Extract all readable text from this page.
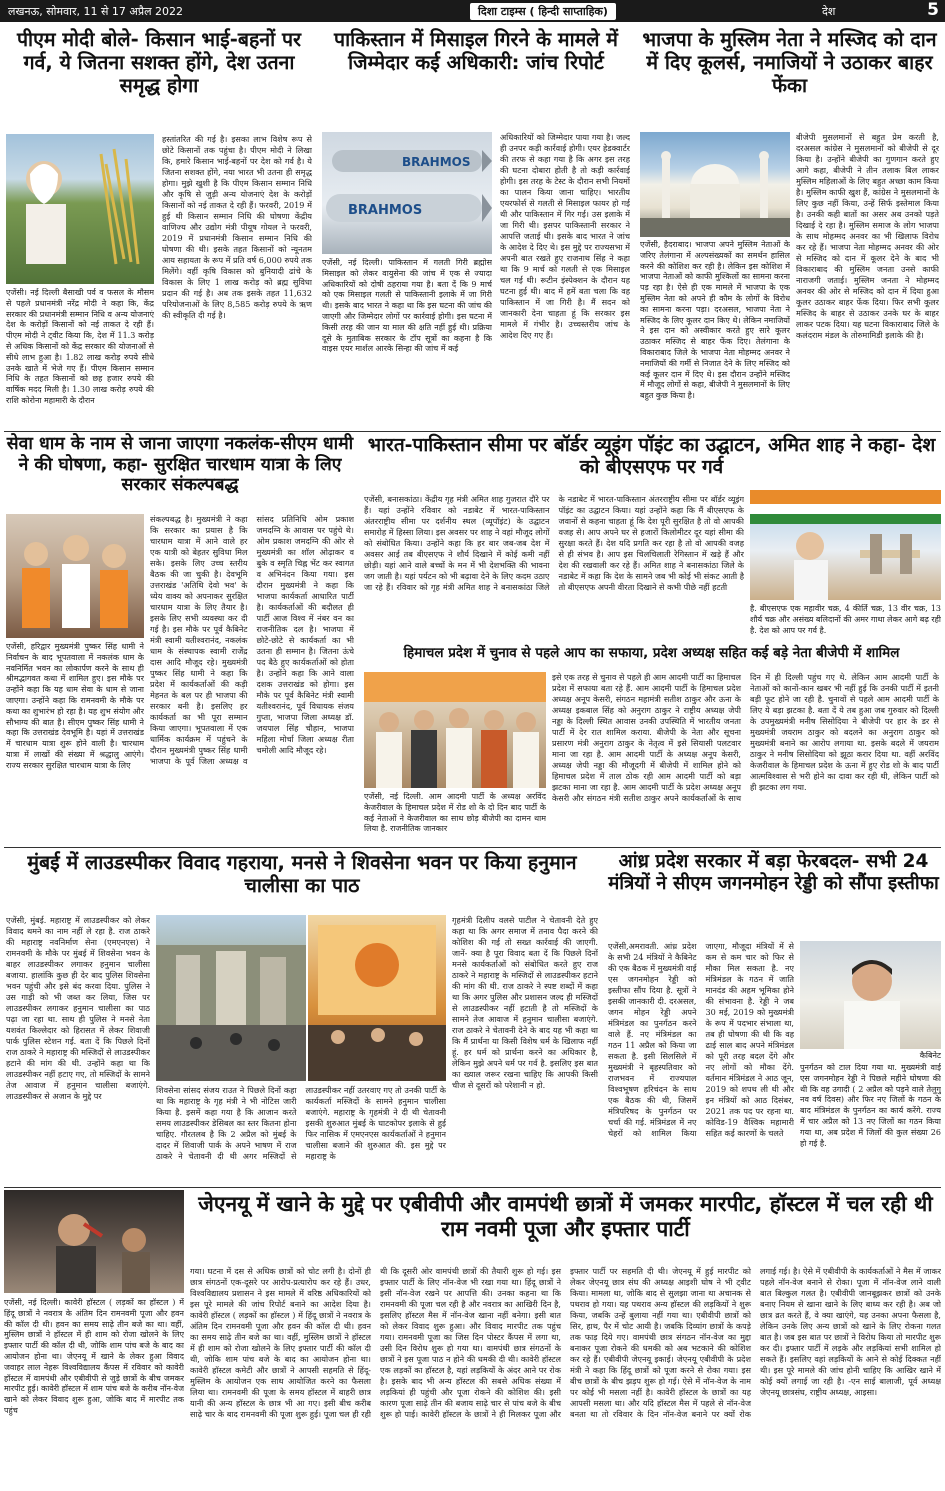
लखनऊ, सोमवार, 11 से 17 अप्रैल 2022	दिशा टाइम्स ( हिन्दी साप्ताहिक)	देश	5
पीएम मोदी बोले- किसान भाई-बहनों पर गर्व, ये जितना सशक्त होंगे, देश उतना समृद्ध होगा

एजेंसी। नई दिल्ली बैसाखी पर्व व फसल के मौसम से पहले प्रधानमंत्री नरेंद्र मोदी ने कहा कि, केंद्र सरकार की प्रधानमंत्री सम्मान निधि व अन्य योजनाएं देश के करोड़ों किसानों को नई ताकत दे रही हैं। पीएम मोदी ने ट्वीट किया कि, देश में 11.3 करोड़ से अधिक किसानों को केंद्र सरकार की योजनाओं से सीधे लाभ हुआ है। 1.82 लाख करोड़ रुपये सीधे उनके खाते में भेजे गए हैं। पीएम किसान सम्मान निधि के तहत किसानों को छह हजार रुपये की वार्षिक मदद मिली है। 1.30 लाख करोड़ रुपये की राशि कोरोना महामारी के दौरान

हस्तांतरित की गई है। इसका लाभ विशेष रूप से छोटे किसानों तक पहुंचा है। पीएम मोदी ने लिखा कि, हमारे किसान भाई-बहनों पर देश को गर्व है। ये जितना सशक्त होंगे, नया भारत भी उतना ही समृद्ध होगा। मुझे खुशी है कि पीएम किसान सम्मान निधि और कृषि से जुड़ी अन्य योजनाएं देश के करोड़ों किसानों को नई ताकत दे रही हैं। फरवरी, 2019 में हुई थी किसान सम्मान निधि की घोषणा केंद्रीय वाणिज्य और उद्योग मंत्री पीयूष गोयल ने फरवरी, 2019 में प्रधानमंत्री किसान सम्मान निधि की घोषणा की थी। इसके तहत किसानों को न्यूनतम आय सहायता के रूप में प्रति वर्ष 6,000 रुपये तक मिलेंगे। वहीं कृषि विकास को बुनियादी ढांचे के विकास के लिए 1 लाख करोड़ को ब्रह्म सुविधा प्रदान की गई है। अब तक इसके तहत 11,632 परियोजनाओं के लिए 8,585 करोड़ रुपये के ऋण की स्वीकृति दी गई है।
पाकिस्तान में मिसाइल गिरने के मामले में जिम्मेदार कई अधिकारी: जांच रिपोर्ट
BRAHMOS
BRAHMOS

एजेंसी, नई दिल्ली। पाकिस्तान में गलती गिरी ब्रह्मोस मिसाइल को लेकर वायुसेना की जांच में एक से ज्यादा अधिकारियों को दोषी ठहराया गया है। बता दें कि 9 मार्च को एक मिसाइल गलती से पाकिस्तानी इलाके में जा गिरी थी। इसके बाद भारत ने कहा था कि इस घटना की जांच की जाएगी और जिम्मेदार लोगों पर कार्रवाई होगी। इस घटना में किसी तरह की जान या माल की क्षति नहीं हुई थी। प्रक्रिया दूसे के मुताबिक सरकार के टॉप सूत्रों का कहना है कि वाइस एयर मार्शल आरके सिन्हा की जांच में कई

अधिकारियों को जिम्मेदार पाया गया है। जल्द ही उनपर कड़ी कार्रवाई होगी। एयर हेडक्वार्टर की तरफ से कहा गया है कि अगर इस तरह की घटना दोबारा होती है तो कड़ी कार्रवाई होगी। इस तरह के टेस्ट के दौरान सभी नियमों का पालन किया जाना चाहिए। भारतीय एयरफोर्स से गलती से मिसाइल फायर हो गई थी और पाकिस्तान में गिर गई। उस इलाके में जा गिरी थी। इसपर पाकिस्तानी सरकार ने आपत्ति जताई थी। इसके बाद भारत ने जांच के आदेश दे दिए थे। इस मुद्दे पर राज्यसभा में अपनी बात रखते हुए राजनाथ सिंह ने कहा था कि 9 मार्च को गलती से एक मिसाइल चल गई थी। रूटीन इंस्पेक्शन के दौरान यह घटना हुई थी। बाद में हमें बता चला कि वह पाकिस्तान में जा गिरी है। मैं सदन को जानकारी देना चाहता हूं कि सरकार इस मामले में गंभीर है। उच्चस्तरीय जांच के आदेश दिए गए हैं।
भाजपा के मुस्लिम नेता ने मस्जिद को दान में दिए कूलर्स, नमाजियों ने उठाकर बाहर फेंका

एजेंसी, हैदराबाद। भाजपा अपने मुस्लिम नेताओं के जरिए तेलंगाना में अल्पसंख्यकों का समर्थन हासिल करने की कोशिश कर रही है। लेकिन इस कोशिश में भाजपा नेताओं को काफी मुश्किलों का सामना करना पड़ रहा है। ऐसे ही एक मामले में भाजपा के एक मुस्लिम नेता को अपने ही कौम के लोगों के विरोध का सामना करना पड़ा। दरअसल, भाजपा नेता ने मस्जिद के लिए कूलर दान किए थे। लेकिन नमाजियों ने इस दान को अस्वीकार करते हुए सारे कूलर उठाकर मस्जिद से बाहर फेंक दिए। तेलंगाना के विकाराबाद जिले के भाजपा नेता मोहम्मद अनवर ने नमाजियों की गर्मी से निजात देने के लिए मस्जिद को कई कूलर दान में दिए थे। इस दौरान उन्होंने मस्जिद में मौजूद लोगों से कहा, बीजेपी ने मुसलमानों के लिए बहुत कुछ किया है।

बीजेपी मुसलमानों से बहुत प्रेम करती है, दरअसल कांग्रेस ने मुसलमानों को बीजेपी से दूर किया है। उन्होंने बीजेपी का गुणगान करते हुए आगे कहा, बीजेपी ने तीन तलाक बिल लाकर मुस्लिम महिलाओं के लिए बहुत अच्छा काम किया है। मुस्लिम काफी खुश हैं, कांग्रेस ने मुसलमानों के लिए कुछ नहीं किया, उन्हें सिर्फ इस्तेमाल किया है। उनकी कही बातों का असर अब उनको पड़ते दिखाई दे रहा है। मुस्लिम समाज के लोग भाजपा के साथ मोहम्मद अनवर का भी खिलाफ विरोध कर रहे हैं। भाजपा नेता मोहम्मद अनवर की ओर से मस्जिद को दान में कूलर देने के बाद भी विकाराबाद की मुस्लिम जनता उनसे काफी नाराजगी जताई। मुस्लिम जनता ने मोहम्मद अनवर की ओर से मस्जिद को दान में दिया हुआ कूलर उठाकर बाहर फेंक दिया। फिर सभी कूलर मस्जिद के बाहर से उठाकर उनके घर के बाहर लाकर पटक दिया। यह घटना विकाराबाद जिले के कलंदराम मंडल के तोरुमामिडी इलाके की है।
सेवा धाम के नाम से जाना जाएगा नकलंक-सीएम धामी ने की घोषणा, कहा- सुरक्षित चारधाम यात्रा के लिए सरकार संकल्पबद्ध

एजेंसी, हरिद्वार मुख्यमंत्री पुष्कर सिंह धामी ने निर्वाचन के बाद भूपतवाला में नकलंक धाम के नवनिर्मित भवन का लोकार्पण करने के साथ ही श्रीमद्भागवत कथा में शामिल हुए। इस मौके पर उन्होंने कहा कि यह धाम सेवा के धाम से जाना जाएगा। उन्होंने कहा कि रामनवमी के मौके पर कथा का शुभारंभ हो रहा है। यह शुभ संयोग और सौभाग्य की बात है। सीएम पुष्कर सिंह धामी ने कहा कि उत्तराखंड देवभूमि है। यहां में उत्तराखंड में चारधाम यात्रा शुरू होने वाली है। चारधाम यात्रा में लाखों की संख्या में श्रद्धालु आएंगे। राज्य सरकार सुरक्षित चारधाम यात्रा के लिए

संकल्पबद्ध है। मुख्यमंत्री ने कहा कि सरकार का प्रयास है कि चारधाम यात्रा में आने वाले हर एक यात्री को बेहतर सुविधा मिल सके। इसके लिए उच्च स्तरीय बैठक की जा चुकी है। देवभूमि उत्तराखंड 'अतिथि देवो भव' के ध्येय वाक्य को अपनाकर सुरक्षित चारधाम यात्रा के लिए तैयार है। इसके लिए सभी व्यवस्था कर दी गई है। इस मौके पर पूर्व कैबिनेट मंत्री स्वामी यतीश्वरानंद, नकलंक धाम के संस्थापक स्वामी राजेंद्र दास आदि मौजूद रहे। मुख्यमंत्री पुष्कर सिंह धामी ने कहा कि प्रदेश में कार्यकर्ताओं की कड़ी मेहनत के बल पर ही भाजपा की सरकार बनी है। इसलिए हर कार्यकर्ता का भी पूरा सम्मान किया जाएगा। भूपतवाला में एक धार्मिक कार्यक्रम में पहुंचने के दौरान मुख्यमंत्री पुष्कर सिंह धामी भाजपा के पूर्व जिला अध्यक्ष व सांसद प्रतिनिधि ओम प्रकाश जमदग्नि के आवास पर पहुंचे थे। ओम प्रकाश जमदग्नि की ओर से मुख्यमंत्री का शॉल ओढ़ाकर व बुके व स्मृति चिह्न भेंट कर स्वागत व अभिनंदन किया गया। इस दौरान मुख्यमंत्री ने कहा कि भाजपा कार्यकर्ता आधारित पार्टी है। कार्यकर्ताओं की बदौलत ही पार्टी आज विश्व में नंबर वन का राजनीतिक दल है। भाजपा में छोटे-छोटे से कार्यकर्ता का भी उतना ही सम्मान है। जितना ऊंचे पद बैठे हुए कार्यकर्ताओं को होता है। उन्होंने कहा कि आने वाला दशक उत्तराखंड को होगा। इस मौके पर पूर्व कैबिनेट मंत्री स्वामी यतीश्वरानंद, पूर्व विधायक संजय गुप्ता, भाजपा जिला अध्यक्ष डॉ. जयपाल सिंह चौहान, भाजपा महिला मोर्चा जिला अध्यक्ष रीता चमोली आदि मौजूद रहे।
भारत-पाकिस्तान सीमा पर बॉर्डर व्यूइंग पॉइंट का उद्घाटन, अमित शाह ने कहा- देश को बीएसएफ पर गर्व
एजेंसी, बनासकांठा। केंद्रीय गृह मंत्री अमित शाह गुजरात दौरे पर हैं। यहां उन्होंने रविवार को नडाबेट में भारत-पाकिस्तान अंतरराष्ट्रीय सीमा पर दर्शनीय स्थल (व्यूपॉइंट) के उद्घाटन समारोह में हिस्सा लिया। इस अवसर पर शाह ने वहां मौजूद लोगों को संबोधित किया। उन्होंने कहा कि हर बार जब-जब देश में अवसर आई तब बीएसएफ ने शौर्य दिखाने में कोई कमी नहीं छोड़ी। यहां आने वाले बच्चों के मन में भी देशभक्ति की भावना जग जाती है। यहां पर्यटन को भी बढ़ावा देने के लिए कदम उठाए जा रहे हैं। रविवार को गृह मंत्री अमित शाह ने बनासकांठा जिले के नडाबेट में भारत-पाकिस्तान अंतरराष्ट्रीय सीमा पर बॉर्डर व्यूइंग पॉइंट का उद्घाटन किया। यहां उन्होंने कहा कि मैं बीएसएफ के जवानों से कहना चाहता हूं कि देश पूरी सुरक्षित है तो वो आपकी वजह से। आप अपने घर से हजारों किलोमीटर दूर यहां सीमा की सुरक्षा करते हैं। देश यदि प्रगति कर रहा है तो वो आपकी वजह से ही संभव है। आप इस चिलचिलाती रेगिस्तान में खड़े हैं और देश की रखवाली कर रहे हैं। अमित शाह ने बनासकांठा जिले के नडाबेट में कहा कि देश के सामने जब भी कोई भी संकट आती है तो बीएसएफ अपनी वीरता दिखाने से कभी पीछे नहीं हटती

है. बीएसएफ एक महावीर चक्र, 4 कीर्ति चक्र, 13 वीर चक्र, 13 शौर्य चक्र और असंख्य बलिदानों की अमर गाथा लेकर आगे बढ़ रही है. देश को आप पर गर्व है.

हिमाचल प्रदेश में चुनाव से पहले आप का सफाया, प्रदेश अध्यक्ष सहित कई बड़े नेता बीजेपी में शामिल

एजेंसी, नई दिल्ली. आम आदमी पार्टी के अध्यक्ष अरविंद केजरीवाल के हिमाचल प्रदेश में रोड शो के दो दिन बाद पार्टी के कई नेताओं ने केजरीवाल का साथ छोड़ बीजेपी का दामन थाम लिया है. राजनीतिक जानकार

इसे एक तरह से चुनाव से पहले ही आम आदमी पार्टी का हिमाचल प्रदेश में सफाया बता रहे हैं. आम आदमी पार्टी के हिमाचल प्रदेश अध्यक्ष अनूप केसरी, संगठन महामंत्री सतीश ठाकुर और ऊना के अध्यक्ष इकबाल सिंह को अनुराग ठाकुर ने राष्ट्रीय अध्यक्ष जेपी नड्डा के दिल्ली स्थित आवास उनकी उपस्थिति में भारतीय जनता पार्टी में देर रात शामिल कराया. बीजेपी के नेता और सूचना प्रसारण मंत्री अनुराग ठाकुर के नेतृत्व में इसे सियासी पलटवार माना जा रहा है. आम आदमी पार्टी के अध्यक्ष अनूप केसरी, अध्यक्ष जेपी नड्डा की मौजूदगी में बीजेपी में शामिल होने को हिमाचल प्रदेश में ताल ठोक रही आम आदमी पार्टी को बड़ा झटका माना जा रहा है. आम आदमी पार्टी के प्रदेश अध्यक्ष अनूप केसरी और संगठन मंत्री सतीश ठाकुर अपने कार्यकर्ताओं के साथ दिन में ही दिल्ली पहुंच गए थे. लेकिन आम आदमी पार्टी के नेताओं को कानों-कान खबर भी नहीं हुई कि उनकी पार्टी में इतनी बड़ी फूट होने जा रही है. चुनावों से पहले आम आदमी पार्टी के लिए ये बड़ा झटका है. बता दें ये तब हुआ जब गुरुवार को दिल्ली के उपमुख्यमंत्री मनीष सिसोदिया ने बीजेपी पर हार के डर से मुख्यमंत्री जयराम ठाकुर को बदलने का अनुराग ठाकुर को मुख्यमंत्री बनाने का आरोप लगाया था. इसके बदले में जयराम ठाकुर ने मनीष सिसोदिया को झूठा करार दिया था. वहीं अरविंद केजरीवाल के हिमाचल प्रदेश के ऊना में हुए रोड शो के बाद पार्टी आत्मविश्वास से भरी होने का दावा कर रही थी, लेकिन पार्टी को ही झटका लग गया.
मुंबई में लाउडस्पीकर विवाद गहराया, मनसे ने शिवसेना भवन पर किया हनुमान चालीसा का पाठ
एजेंसी, मुंबई. महाराष्ट्र में लाउडस्पीकर को लेकर विवाद थमने का नाम नहीं ले रहा है. राज ठाकरे की महाराष्ट्र नवनिर्माण सेना (एमएनएस) ने रामनवमी के मौके पर मुंबई में शिवसेना भवन के बाहर लाउडस्पीकर लगाकर हनुमान चालीसा बजाया. हालांकि कुछ ही देर बाद पुलिस शिवसेना भवन पहुंची और इसे बंद करवा दिया. पुलिस ने उस गाड़ी को भी जब्त कर लिया, जिस पर लाउडस्पीकर लगाकर हनुमान चालीसा का पाठ पढ़ा जा रहा था. साथ ही पुलिस ने मनसे नेता यशवंत किल्लेदार को हिरासत में लेकर शिवाजी पार्क पुलिस स्टेशन गई. बता दें कि पिछले दिनों राज ठाकरे ने महाराष्ट्र की मस्जिदों से लाउडस्पीकर हटाने की मांग की थी. उन्होंने कहा था कि लाउडस्पीकर नहीं हटाए गए, तो मस्जिदों के सामने तेज आवाज में हनुमान चालीसा बजाएंगे. लाउडस्पीकर से अजान के मुद्दे पर
शिवसेना सांसद संजय राउत ने पिछले दिनों कहा था कि महाराष्ट्र के गृह मंत्री ने भी नोटिस जारी किया है. इसमें कहा गया है कि आजान करते समय लाउडस्पीकर डेसिबल का स्तर कितना होना चाहिए. गौरतलब है कि 2 अप्रैल को मुंबई के दादर में शिवाजी पार्क के अपने भाषण में राज ठाकरे ने चेतावनी दी थी अगर मस्जिदों से लाउडस्पीकर नहीं उतरवाए गए तो उनकी पार्टी के कार्यकर्ता मस्जिदों के सामने हनुमान चालीसा बजाएंगे. महाराष्ट्र के गृहमंत्री ने दी थी चेतावनी इसकी शुरुआत मुंबई के घाटकोपर इलाके से हुई फिर नासिक में एमएनएस कार्यकर्ताओं ने हनुमान चालीसा बजाने की शुरुआत की. इस मुद्दे पर महाराष्ट्र के
गृहमंत्री दिलीप वलसे पाटील ने चेतावनी देते हुए कहा था कि अगर समाज में तनाव पैदा करने की कोशिश की गई तो सख्त कार्रवाई की जाएगी. जानें- क्या है पूरा विवाद बता दें कि पिछले दिनों मनसे कार्यकर्ताओं को संबोधित करते हुए राज ठाकरे ने महाराष्ट्र के मस्जिदों से लाउडस्पीकर हटाने की मांग की थी. राज ठाकरे ने स्पष्ट शब्दों में कहा था कि अगर पुलिस और प्रशासन जल्द ही मस्जिदों से लाउडस्पीकर नहीं हटाती है तो मस्जिदों के सामने तेज आवाज में हनुमान चालीसा बजाएंगे. राज ठाकरे ने चेतावनी देने के बाद यह भी कहा था कि मैं प्रार्थना या किसी विशेष धर्म के खिलाफ नहीं हूं. हर धर्म को प्रार्थना करने का अधिकार है, लेकिन मुझे अपने धर्म पर गर्व है. इसलिए इस बात का ख्याल जरूर रखना चाहिए कि आपकी किसी चीज से दूसरों को परेशानी न हो.
आंध्र प्रदेश सरकार में बड़ा फेरबदल- सभी 24 मंत्रियों ने सीएम जगनमोहन रेड्डी को सौंपा इस्तीफा
एजेंसी,अमरावती. आंध्र प्रदेश के सभी 24 मंत्रियों ने कैबिनेट की एक बैठक में मुख्यमंत्री वाई एस जगनमोहन रेड्डी को इस्तीफा सौंप दिया है. सूत्रों ने इसकी जानकारी दी. दरअसल, जगन मोहन रेड्डी अपने मंत्रिमंडल का पुनर्गठन करने वाले हैं. नए मंत्रिमंडल का गठन 11 अप्रैल को किया जा सकता है. इसी सिलसिले में मुख्यमंत्री ने बृहस्पतिवार को राजभवन में राज्यपाल विश्वभूषण हरिचंदन के साथ एक बैठक की थी, जिसमें मंत्रिपरिषद के पुनर्गठन पर चर्चा की गई. मंत्रिमंडल में नए चेहरों को शामिल किया जाएगा, मौजूदा मंत्रियों में से कम से कम चार को फिर से मौका मिल सकता है. नए मंत्रिमंडल के गठन में जाति मानदंड की अहम भूमिका होने की संभावना है. रेड्डी ने जब 30 मई, 2019 को मुख्यमंत्री के रूप में पदभार संभाला था, तब ही घोषणा की थी कि वह ढाई साल बाद अपने मंत्रिमंडल को पूरी तरह बदल देंगे और नए लोगों को मौका देंगे. वर्तमान मंत्रिमंडल ने आठ जून, 2019 को शपथ ली थी और इन मंत्रियों को आठ दिसंबर, 2021 तक पद पर रहना था. कोविड-19 वैश्विक महामारी सहित कई कारणों के चलते
कैबिनेट

पुनर्गठन को टाल दिया गया था. मुख्यमंत्री वाई एस जगनमोहन रेड्डी ने पिछले महीने घोषणा की थी कि वह उगादी ( 2 अप्रैल को पड़ने वाले तेलुगु नव वर्ष दिवस) और फिर नए जिलों के गठन के बाद मंत्रिमंडल के पुनर्गठन का कार्य करेंगे. राज्य में चार अप्रैल को 13 नए जिलों का गठन किया गया था, अब प्रदेश में जिलों की कुल संख्या 26 हो गई है.

जेएनयू में खाने के मुद्दे पर एबीवीपी और वामपंथी छात्रों में जमकर मारपीट, हॉस्टल में चल रही थी राम नवमी पूजा और इफ्तार पार्टी

एजेंसी, नई दिल्ली। कावेरी हॉस्टल ( लड़कों का हॉस्टल ) में हिंदू छात्रों ने नवरात्र के अंतिम दिन रामनवमी पूजा और हवन की कॉल दी थी। हवन का समय साढ़े तीन बजे का था। वहीं, मुस्लिम छात्रों ने हॉस्टल में ही शाम को रोजा खोलने के लिए इफ्तार पार्टी की कॉल दी थी, जोकि शाम पांच बजे के बाद का आयोजन होना था। जेएनयू में खाने के लेकर हुआ विवाद जवाहर लाल नेहरू विश्वविद्यालय कैंपस में रविवार को कावेरी हॉस्टल में वामपंथी और एबीवीपी से जुड़े छात्रों के बीच जमकर मारपीट हुई। कावेरी हॉस्टल में शाम पांच बजे के करीब नॉन-वेज खाने को लेकर विवाद शुरू हुआ, जोकि बाद में मारपीट तक पहुंच

गया। घटना में दस से अधिक छात्रों को चोट लगी है। दोनों ही छात्र संगठनों एक-दूसरे पर आरोप-प्रत्यारोप कर रहे हैं। उधर, विश्वविद्यालय प्रशासन ने इस मामले में वरिष्ठ अधिकारियों को इस पूरे मामले की जांच रिपोर्ट बनाने का आदेश दिया है। कावेरी हॉस्टल ( लड़कों का हॉस्टल ) में हिंदू छात्रों ने नवरात्र के अंतिम दिन रामनवमी पूजा और हवन की कॉल दी थी। हवन का समय साढ़े तीन बजे का था। वहीं, मुस्लिम छात्रों ने हॉस्टल में ही शाम को रोजा खोलने के लिए इफ्तार पार्टी की कॉल दी थी, जोकि शाम पांच बजे के बाद का आयोजन होना था। कावेरी हॉस्टल कमेटी और छात्रों ने आपसी सहमति से हिंदू-मुस्लिम के आयोजन एक साथ आयोजित करने का फैसला लिया था। रामनवमी की पूजा के समय हॉस्टल में बाहरी छात्र यानी की अन्य हॉस्टल के छात्र भी आ गए। इसी बीच करीब साढ़े चार के बाद रामनवमी की पूजा शुरू हुई। पूजा चल ही रही थी कि दूसरी ओर वामपंथी छात्रों की तैयारी शुरू हो गई। इस इफ्तार पार्टी के लिए नॉन-वेज भी रखा गया था। हिंदू छात्रों ने इसी नॉन-वेज रखने पर आपत्ति की। उनका कहना था कि रामनवमी की पूजा चल रही है और नवरात्र का आखिरी दिन है, इसलिए हॉस्टल मैस में नॉन-वेज खाना नहीं बनेगा। इसी बात को लेकर विवाद शुरू हुआ। और विवाद मारपीट तक पहुंच गया। रामनवमी पूजा का जिस दिन पोस्टर कैंपस में लगा था, उसी दिन विरोध शुरू हो गया था। वामपंथी छात्र संगठनों के छात्रों ने इस पूजा पाठ न होने की धमकी दी थी। कावेरी हॉस्टल एक लड़कों का हॉस्टल है, यहां लड़कियों के अंदर आने पर रोक है। इसके बाद भी अन्य हॉस्टल की सबसे अधिक संख्या में लड़कियां ही पहुंची और पूजा रोकने की कोशिश की। इसी कारण पूजा साढ़े तीन की बजाय साढ़े चार से पांच बजे के बीच शुरू हो पाई। कावेरी हॉस्टल के छात्रों ने ही मिलकर पूजा और इफ्तार पार्टी पर सहमति दी थी। जेएनयू में हुई मारपीट को लेकर जेएनयू छात्र संघ की अध्यक्ष आइशी घोष ने भी ट्वीट किया। मामला था, जोकि बाद से सुलझा जाना था अचानक से पथराव हो गया। यह पथराव अन्य हॉस्टल की लड़कियों ने शुरू किया, जबकि उन्हें बुलाया नहीं गया था। एबीवीपी छात्रों को सिर, हाथ, पैर में चोट आयी है। जबकि दिव्यांग छात्रों के कपड़े तक फाड़ दिये गए। वामपंथी छात्र संगठन नॉन-वेज का मुद्दा बनाकर पूजा रोकने की धमकी को अब भटकाने की कोशिश कर रहे हैं। एबीवीपी जेएनयू इकाई। जेएनयू एबीवीपी के प्रदेश मंत्री ने कहा कि हिंदू छात्रों को पूजा करने से रोका गया। इस बीच छात्रों के बीच झड़प शुरू हो गई। ऐसे में नॉन-वेज के नाम पर कोई भी मसला नहीं है। कावेरी हॉस्टल के छात्रों का यह आपसी मसला था। और यदि हॉस्टल मैस में पहले से नॉन-वेज बनता था तो रविवार के दिन नॉन-वेज बनाने पर क्यों रोक लगाई गई। है। ऐसे में एबीवीपी के कार्यकर्ताओं ने मैस में जाकर पहले नॉन-वेज बनाने से रोका। पूजा में नॉन-वेज लाने वाली बात बिल्कुल गलत है। एबीवीपी जानबूझकर छात्रों को उनके बनाए नियम से खाना खाने के लिए बाध्य कर रही है। अब जो छात्र व्रत करते हैं, वे क्या खाएंगे, यह उनका अपना फैसला है, लेकिन उनके लिए अन्य छात्रों को खाने के लिए रोकना गलत बात है। जब इस बात पर छात्रों ने विरोध किया तो मारपीट शुरू कर दी। इफ्तार पार्टी में लड़के और लड़कियां सभी शामिल हो सकते हैं। इसलिए वहां लड़कियों के आने से कोई दिक्कत नहीं थी। इस पूरे मामले की जांच होनी चाहिए कि आखिर खाने में कोई क्यों लगाई जा रही है। -एन साई बालाजी, पूर्व अध्यक्ष जेएनयू छात्रसंघ, राष्ट्रीय अध्यक्ष, आइसा।
